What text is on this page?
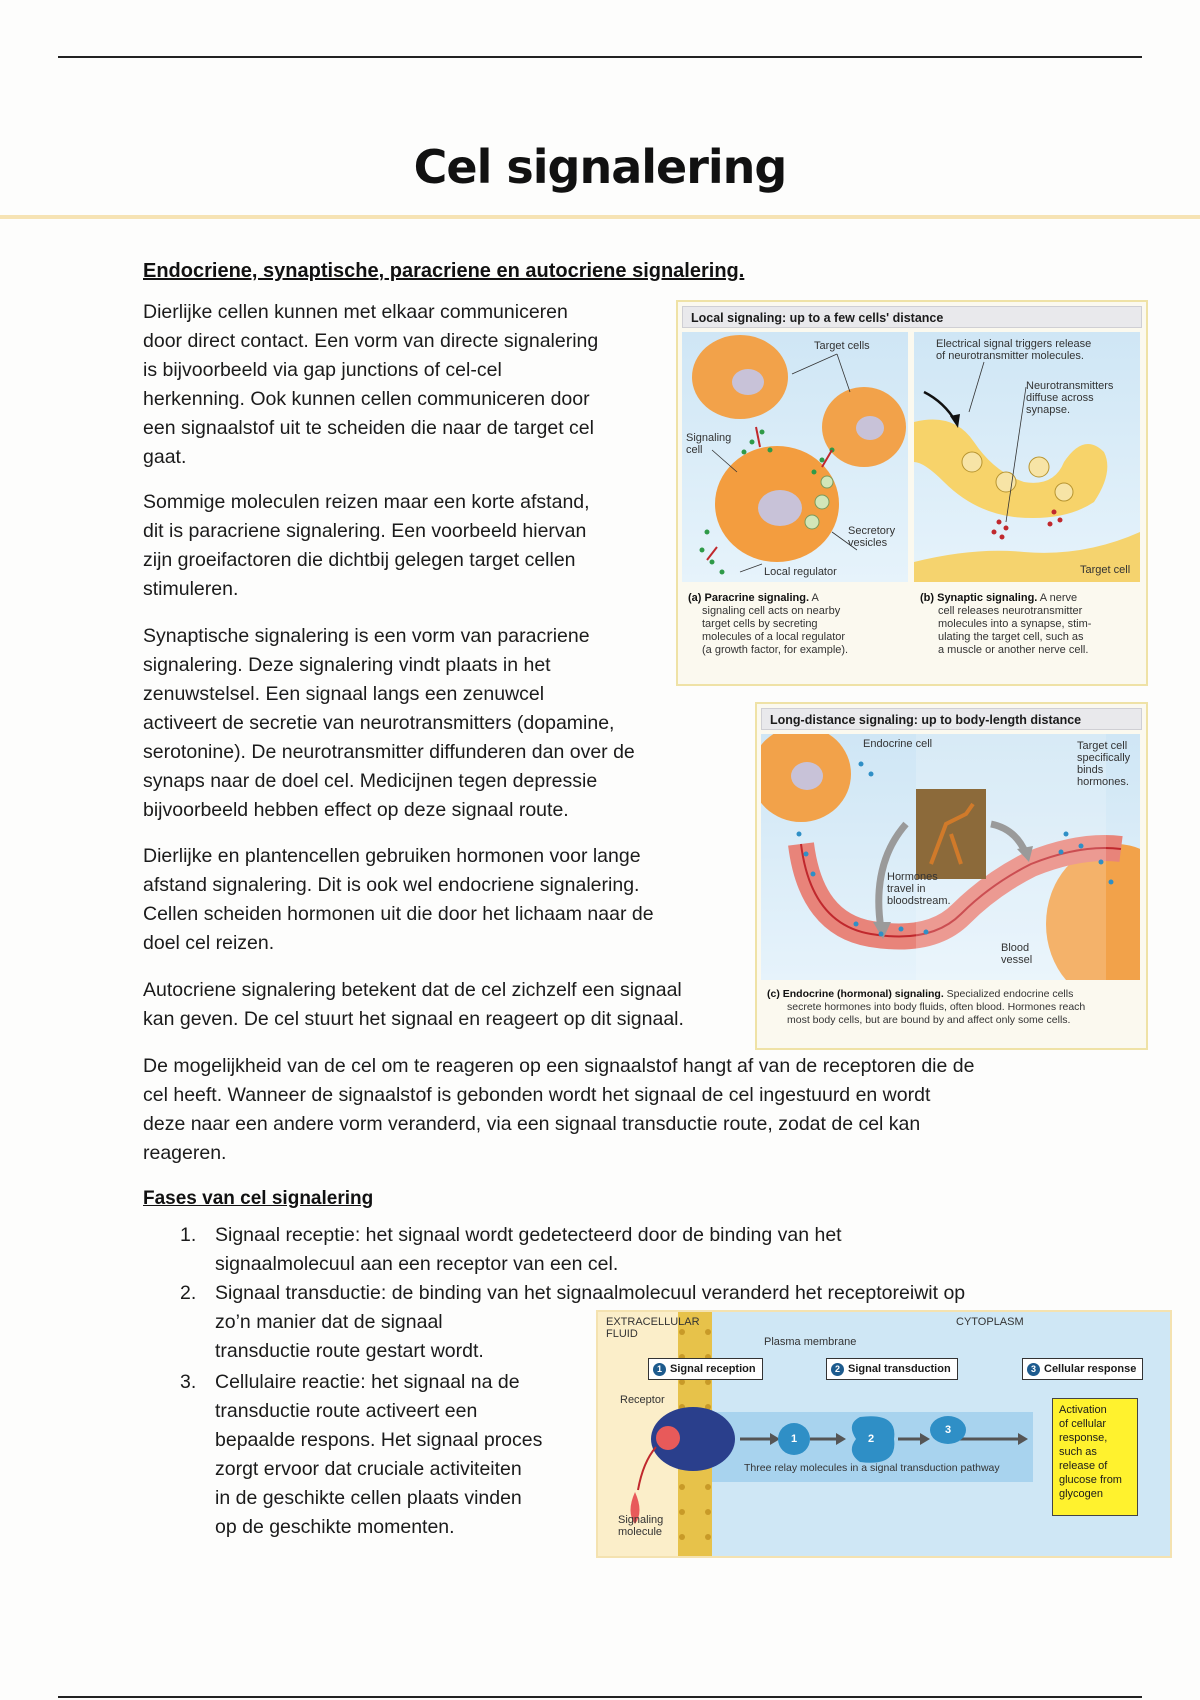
Cel signalering
Endocriene, synaptische, paracriene en autocriene signalering.
Dierlijke cellen kunnen met elkaar communiceren
door direct contact. Een vorm van directe signalering
is bijvoorbeeld via gap junctions of cel-cel
herkenning. Ook kunnen cellen communiceren door
een signaalstof uit te scheiden die naar de target cel
gaat.
Sommige moleculen reizen maar een korte afstand,
dit is paracriene signalering. Een voorbeeld hiervan
zijn groeifactoren die dichtbij gelegen target cellen
stimuleren.
Synaptische signalering is een vorm van paracriene
signalering. Deze signalering vindt plaats in het
zenuwstelsel. Een signaal langs een zenuwcel
activeert de secretie van neurotransmitters (dopamine,
serotonine). De neurotransmitter diffunderen dan over de
synaps naar de doel cel. Medicijnen tegen depressie
bijvoorbeeld hebben effect op deze signaal route.
Dierlijke en plantencellen gebruiken hormonen voor lange
afstand signalering. Dit is ook wel endocriene signalering.
Cellen scheiden hormonen uit die door het lichaam naar de
doel cel reizen.
Autocriene signalering betekent dat de cel zichzelf een signaal
kan geven. De cel stuurt het signaal en reageert op dit signaal.
De mogelijkheid van de cel om te reageren op een signaalstof hangt af van de receptoren die de
cel heeft. Wanneer de signaalstof is gebonden wordt het signaal de cel ingestuurd en wordt
deze naar een andere vorm veranderd, via een signaal transductie route, zodat de cel kan
reageren.
Fases van cel signalering
1. Signaal receptie: het signaal wordt gedetecteerd door de binding van het
signaalmolecuul aan een receptor van een cel.
2. Signaal transductie: de binding van het signaalmolecuul veranderd het receptoreiwit op
zo’n manier dat de signaal
transductie route gestart wordt.
3. Cellulaire reactie: het signaal na de
transductie route activeert een
bepaalde respons. Het signaal proces
zorgt ervoor dat cruciale activiteiten
in de geschikte cellen plaats vinden
op de geschikte momenten.
Local signaling: up to a few cells' distance
Target cells
Signaling
cell
Secretory
vesicles
Local regulator
Electrical signal triggers release
of neurotransmitter molecules.
Neurotransmitters
diffuse across
synapse.
Target cell
(a) Paracrine signaling. A
signaling cell acts on nearby
target cells by secreting
molecules of a local regulator
(a growth factor, for example).
(b) Synaptic signaling. A nerve
cell releases neurotransmitter
molecules into a synapse, stim-
ulating the target cell, such as
a muscle or another nerve cell.
Long-distance signaling: up to body-length distance
Endocrine cell	Target cell
specifically
binds
hormones.
Hormones
travel in
bloodstream.
Blood
vessel
(c) Endocrine (hormonal) signaling. Specialized endocrine cells
secrete hormones into body fluids, often blood. Hormones reach
most body cells, but are bound by and affect only some cells.
EXTRACELLULAR
FLUID
CYTOPLASM
Plasma membrane
1 Signal reception	2 Signal transduction	3 Cellular response
Receptor
Signaling
molecule
1	2
3
Three relay molecules in a signal transduction pathway
Activation
of cellular
response,
such as
release of
glucose from
glycogen
